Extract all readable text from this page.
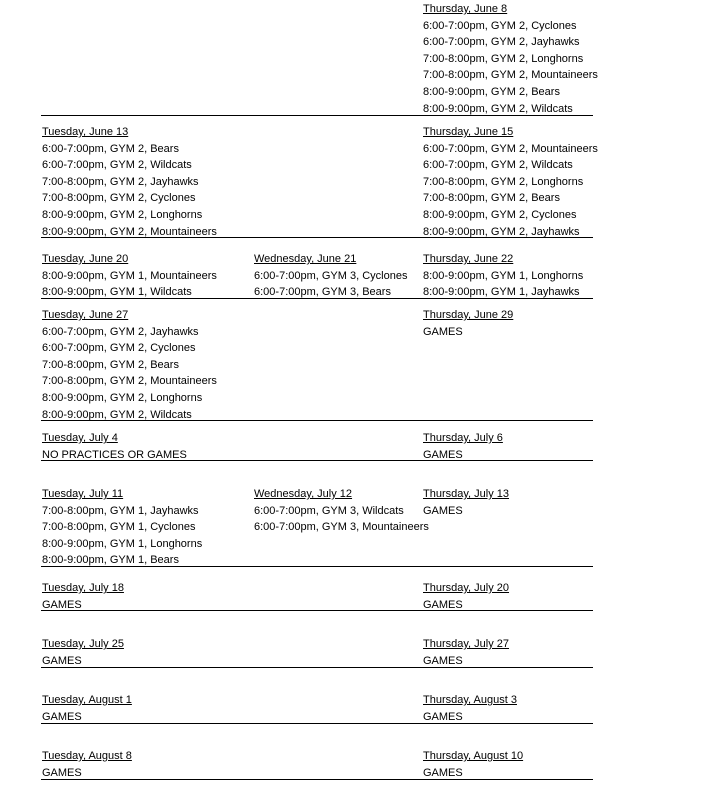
Thursday, June 8
6:00-7:00pm, GYM 2, Cyclones
6:00-7:00pm, GYM 2, Jayhawks
7:00-8:00pm, GYM 2, Longhorns
7:00-8:00pm, GYM 2, Mountaineers
8:00-9:00pm, GYM 2, Bears
8:00-9:00pm, GYM 2, Wildcats
Tuesday, June 13
6:00-7:00pm, GYM 2, Bears
6:00-7:00pm, GYM 2, Wildcats
7:00-8:00pm, GYM 2, Jayhawks
7:00-8:00pm, GYM 2, Cyclones
8:00-9:00pm, GYM 2, Longhorns
8:00-9:00pm, GYM 2, Mountaineers
Thursday, June 15
6:00-7:00pm, GYM 2, Mountaineers
6:00-7:00pm, GYM 2, Wildcats
7:00-8:00pm, GYM 2, Longhorns
7:00-8:00pm, GYM 2, Bears
8:00-9:00pm, GYM 2, Cyclones
8:00-9:00pm, GYM 2, Jayhawks
Tuesday, June 20
8:00-9:00pm, GYM 1, Mountaineers
8:00-9:00pm, GYM 1, Wildcats
Wednesday, June 21
6:00-7:00pm, GYM 3, Cyclones
6:00-7:00pm, GYM 3, Bears
Thursday, June 22
8:00-9:00pm, GYM 1, Longhorns
8:00-9:00pm, GYM 1, Jayhawks
Tuesday, June 27
6:00-7:00pm, GYM 2, Jayhawks
6:00-7:00pm, GYM 2, Cyclones
7:00-8:00pm, GYM 2, Bears
7:00-8:00pm, GYM 2, Mountaineers
8:00-9:00pm, GYM 2, Longhorns
8:00-9:00pm, GYM 2, Wildcats
Thursday, June 29
GAMES
Tuesday, July 4
NO PRACTICES OR GAMES
Thursday, July 6
GAMES
Tuesday, July 11
7:00-8:00pm, GYM 1, Jayhawks
7:00-8:00pm, GYM 1, Cyclones
8:00-9:00pm, GYM 1, Longhorns
8:00-9:00pm, GYM 1, Bears
Wednesday, July 12
6:00-7:00pm, GYM 3, Wildcats
6:00-7:00pm, GYM 3, Mountaineers
Thursday, July 13
GAMES
Tuesday, July 18
GAMES
Thursday, July 20
GAMES
Tuesday, July 25
GAMES
Thursday, July 27
GAMES
Tuesday, August 1
GAMES
Thursday, August 3
GAMES
Tuesday, August 8
GAMES
Thursday, August 10
GAMES
